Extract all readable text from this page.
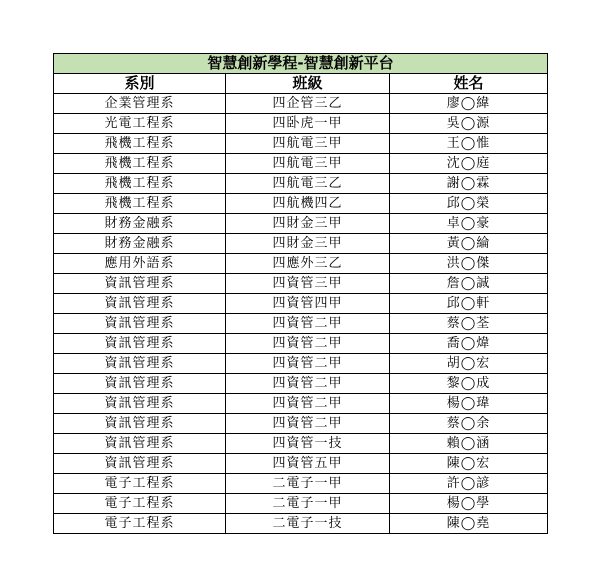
智慧創新學程-智慧創新平台		
系別	班級	姓名
企業管理系	四企管三乙	廖◯緯
光電工程系	四卧虎一甲	吳◯源
飛機工程系	四航電三甲	王◯惟
飛機工程系	四航電三甲	沈◯庭
飛機工程系	四航電三乙	謝◯霖
飛機工程系	四航機四乙	邱◯榮
財務金融系	四財金三甲	卓◯豪
財務金融系	四財金三甲	黃◯綸
應用外語系	四應外三乙	洪◯傑
資訊管理系	四資管三甲	詹◯誠
資訊管理系	四資管四甲	邱◯軒
資訊管理系	四資管二甲	蔡◯荃
資訊管理系	四資管二甲	喬◯煒
資訊管理系	四資管二甲	胡◯宏
資訊管理系	四資管二甲	黎◯成
資訊管理系	四資管二甲	楊◯瑋
資訊管理系	四資管二甲	蔡◯余
資訊管理系	四資管一技	賴◯涵
資訊管理系	四資管五甲	陳◯宏
電子工程系	二電子一甲	許◯諺
電子工程系	二電子一甲	楊◯學
電子工程系	二電子一技	陳◯堯
